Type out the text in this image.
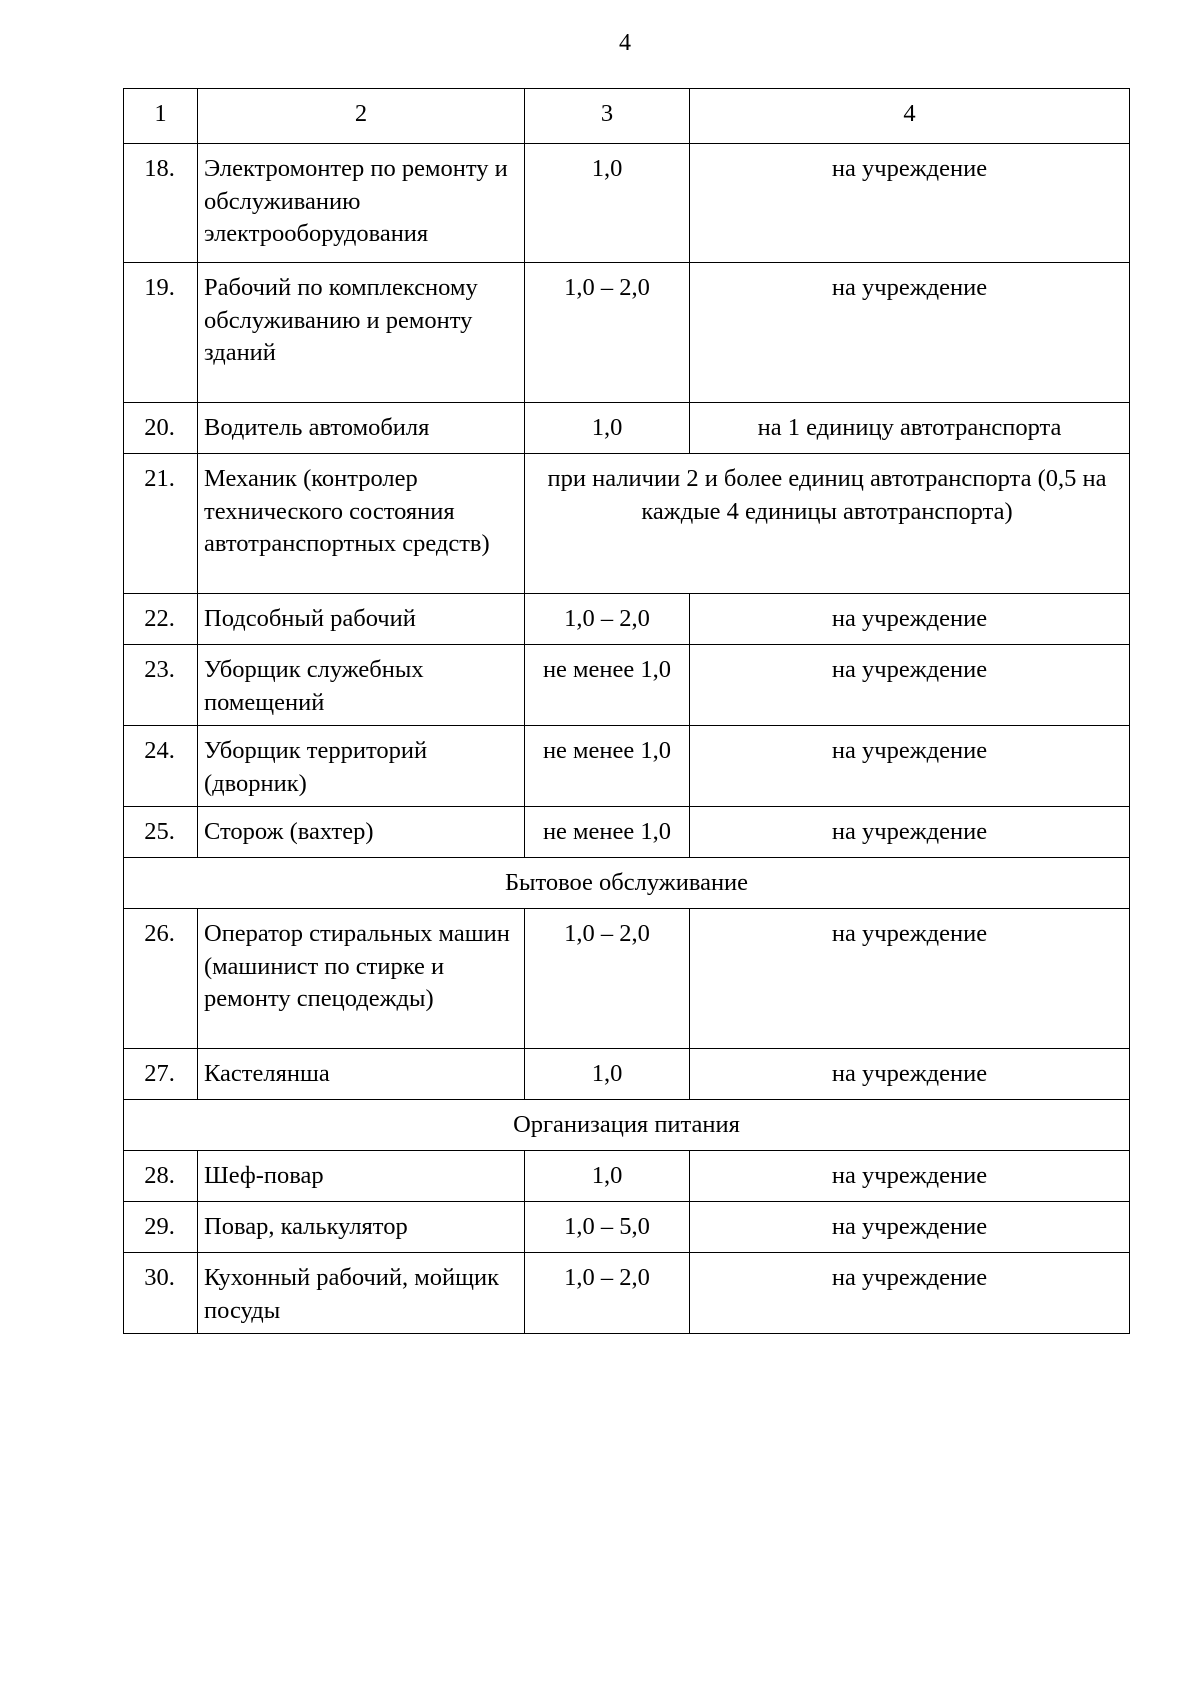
4
1	2	3	4
18.	Электромонтер по ремонту и обслуживанию электрооборудования	1,0	на учреждение
19.	Рабочий по комплексному обслуживанию и ремонту зданий	1,0 – 2,0	на учреждение
20.	Водитель автомобиля	1,0	на 1 единицу автотранспорта
21.	Механик (контролер технического состояния автотранспортных средств)	при наличии 2 и более единиц автотранспорта (0,5 на каждые 4 единицы автотранспорта)	
22.	Подсобный рабочий	1,0 – 2,0	на учреждение
23.	Уборщик служебных помещений	не менее 1,0	на учреждение
24.	Уборщик территорий (дворник)	не менее 1,0	на учреждение
25.	Сторож (вахтер)	не менее 1,0	на учреждение
Бытовое обслуживание			
26.	Оператор стиральных машин (машинист по стирке и ремонту спецодежды)	1,0 – 2,0	на учреждение
27.	Кастелянша	1,0	на учреждение
Организация питания			
28.	Шеф-повар	1,0	на учреждение
29.	Повар, калькулятор	1,0 – 5,0	на учреждение
30.	Кухонный рабочий, мойщик посуды	1,0 – 2,0	на учреждение
